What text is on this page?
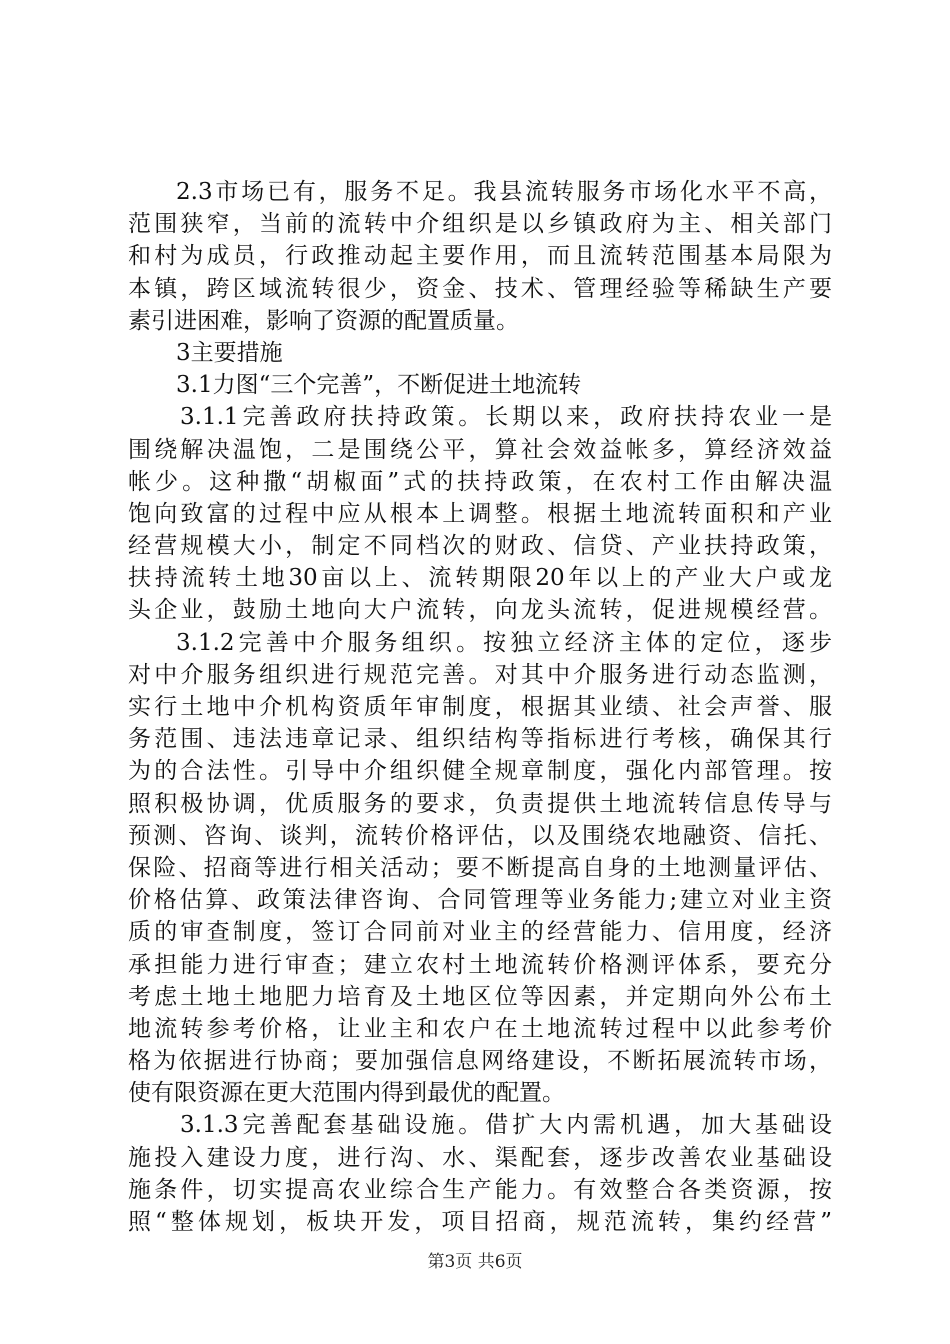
2.3市场已有，服务不足。我县流转服务市场化水平不高，
范围狭窄，当前的流转中介组织是以乡镇政府为主、相关部门
和村为成员，行政推动起主要作用，而且流转范围基本局限为
本镇，跨区域流转很少，资金、技术、管理经验等稀缺生产要
素引进困难，影响了资源的配置质量。
3主要措施
3.1力图“三个完善”，不断促进土地流转
3.1.1完善政府扶持政策。长期以来，政府扶持农业一是
围绕解决温饱，二是围绕公平，算社会效益帐多，算经济效益
帐少。这种撒“胡椒面”式的扶持政策，在农村工作由解决温
饱向致富的过程中应从根本上调整。根据土地流转面积和产业
经营规模大小，制定不同档次的财政、信贷、产业扶持政策，
扶持流转土地30亩以上、流转期限20年以上的产业大户或龙
头企业，鼓励土地向大户流转，向龙头流转，促进规模经营。
3.1.2完善中介服务组织。按独立经济主体的定位，逐步
对中介服务组织进行规范完善。对其中介服务进行动态监测，
实行土地中介机构资质年审制度，根据其业绩、社会声誉、服
务范围、违法违章记录、组织结构等指标进行考核，确保其行
为的合法性。引导中介组织健全规章制度，强化内部管理。按
照积极协调，优质服务的要求，负责提供土地流转信息传导与
预测、咨询、谈判，流转价格评估，以及围绕农地融资、信托、
保险、招商等进行相关活动；要不断提高自身的土地测量评估、
价格估算、政策法律咨询、合同管理等业务能力;建立对业主资
质的审查制度，签订合同前对业主的经营能力、信用度，经济
承担能力进行审查；建立农村土地流转价格测评体系，要充分
考虑土地土地肥力培育及土地区位等因素，并定期向外公布土
地流转参考价格，让业主和农户在土地流转过程中以此参考价
格为依据进行协商；要加强信息网络建设，不断拓展流转市场，
使有限资源在更大范围内得到最优的配置。
3.1.3完善配套基础设施。借扩大内需机遇，加大基础设
施投入建设力度，进行沟、水、渠配套，逐步改善农业基础设
施条件，切实提高农业综合生产能力。有效整合各类资源，按
照“整体规划，板块开发，项目招商，规范流转，集约经营”
第3页 共6页
